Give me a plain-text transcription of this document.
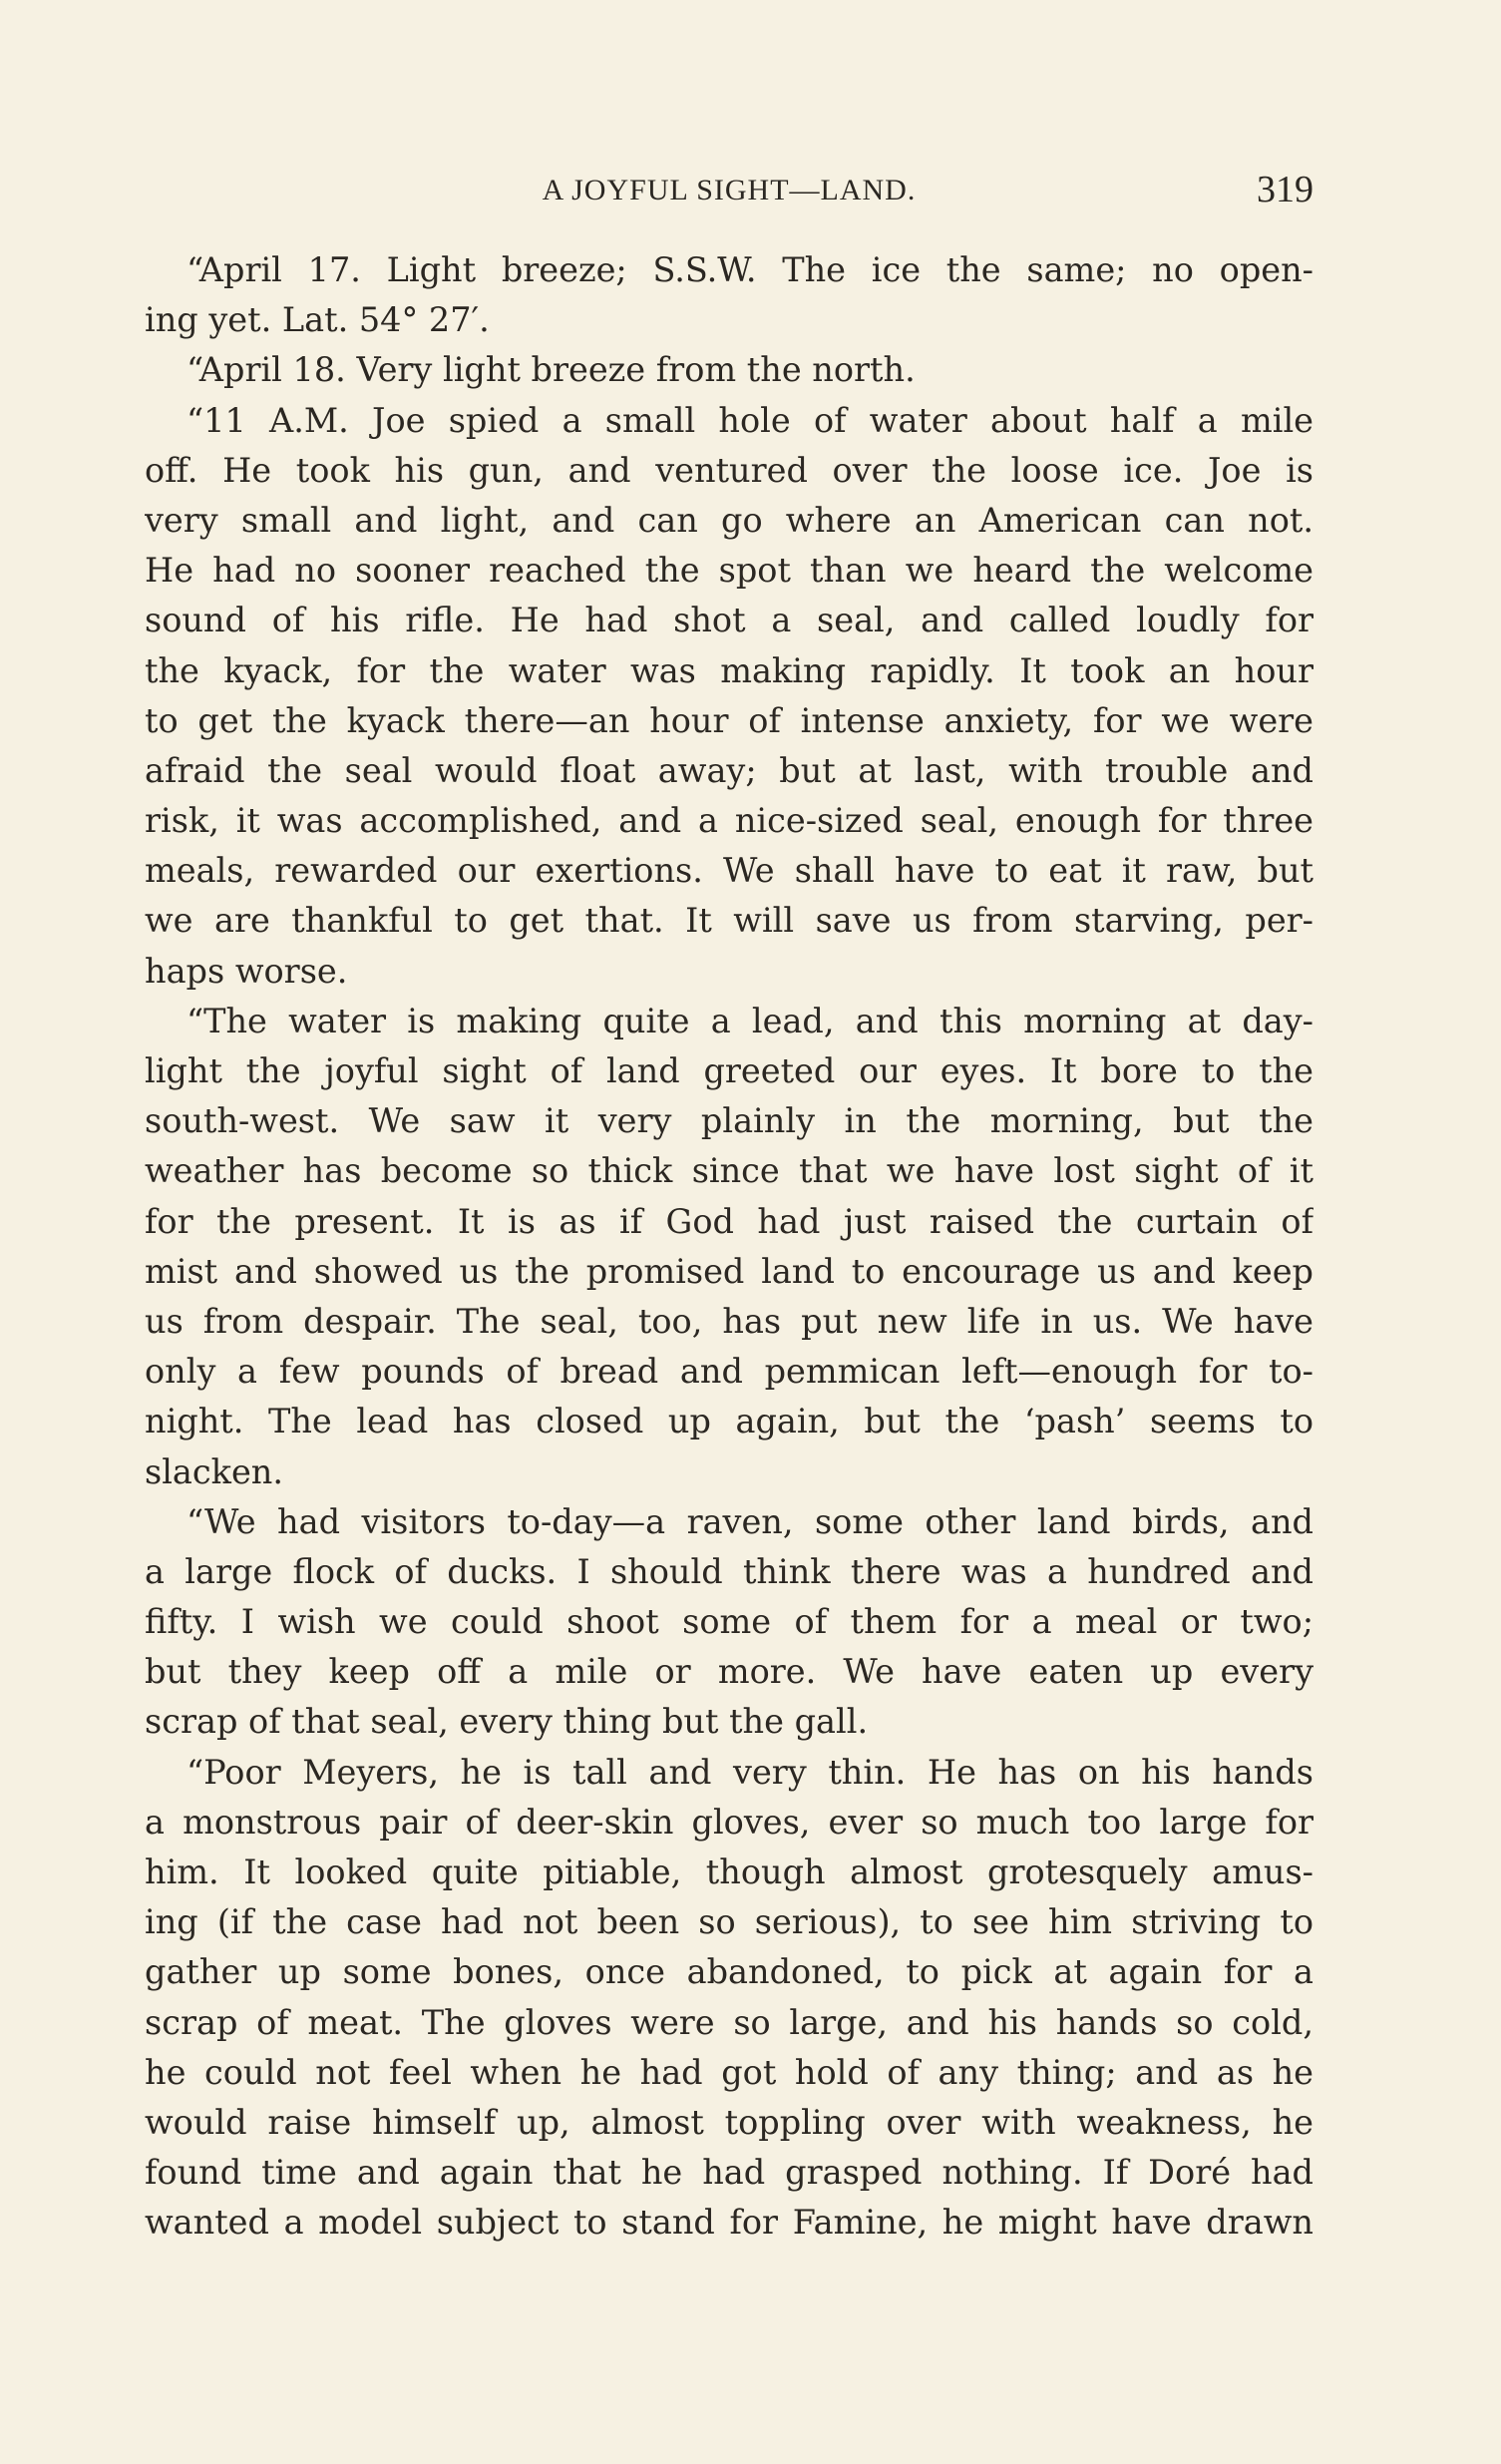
A JOYFUL SIGHT—LAND.	319
“April 17. Light breeze; S.S.W. The ice the same; no open-
ing yet. Lat. 54° 27′.
“April 18. Very light breeze from the north.
“11 A.M. Joe spied a small hole of water about half a mile
off. He took his gun, and ventured over the loose ice. Joe is
very small and light, and can go where an American can not.
He had no sooner reached the spot than we heard the welcome
sound of his rifle. He had shot a seal, and called loudly for
the kyack, for the water was making rapidly. It took an hour
to get the kyack there—an hour of intense anxiety, for we were
afraid the seal would float away; but at last, with trouble and
risk, it was accomplished, and a nice-sized seal, enough for three
meals, rewarded our exertions. We shall have to eat it raw, but
we are thankful to get that. It will save us from starving, per-
haps worse.
“The water is making quite a lead, and this morning at day-
light the joyful sight of land greeted our eyes. It bore to the
south-west. We saw it very plainly in the morning, but the
weather has become so thick since that we have lost sight of it
for the present. It is as if God had just raised the curtain of
mist and showed us the promised land to encourage us and keep
us from despair. The seal, too, has put new life in us. We have
only a few pounds of bread and pemmican left—enough for to-
night. The lead has closed up again, but the ‘pash’ seems to
slacken.
“We had visitors to-day—a raven, some other land birds, and
a large flock of ducks. I should think there was a hundred and
fifty. I wish we could shoot some of them for a meal or two;
but they keep off a mile or more. We have eaten up every
scrap of that seal, every thing but the gall.
“Poor Meyers, he is tall and very thin. He has on his hands
a monstrous pair of deer-skin gloves, ever so much too large for
him. It looked quite pitiable, though almost grotesquely amus-
ing (if the case had not been so serious), to see him striving to
gather up some bones, once abandoned, to pick at again for a
scrap of meat. The gloves were so large, and his hands so cold,
he could not feel when he had got hold of any thing; and as he
would raise himself up, almost toppling over with weakness, he
found time and again that he had grasped nothing. If Doré had
wanted a model subject to stand for Famine, he might have drawn
